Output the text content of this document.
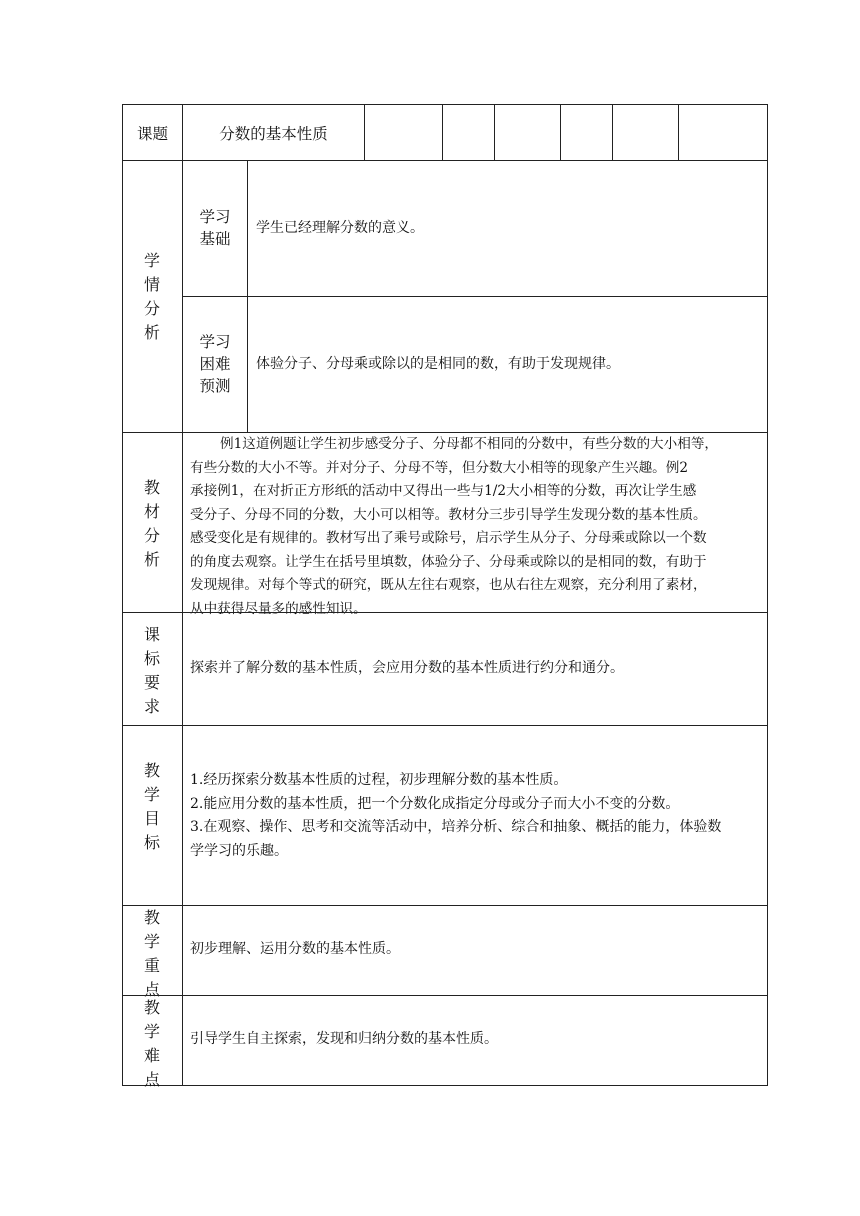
课题	分数的基本性质
学
情
分
析
学习
基础
学生已经理解分数的意义。
学习
困难
预测
体验分子、分母乘或除以的是相同的数，有助于发现规律。
教
材
分
析
例1这道例题让学生初步感受分子、分母都不相同的分数中，有些分数的大小相等，
有些分数的大小不等。并对分子、分母不等，但分数大小相等的现象产生兴趣。例2
承接例1，在对折正方形纸的活动中又得出一些与1/2大小相等的分数，再次让学生感
受分子、分母不同的分数，大小可以相等。教材分三步引导学生发现分数的基本性质。
感受变化是有规律的。教材写出了乘号或除号，启示学生从分子、分母乘或除以一个数
的角度去观察。让学生在括号里填数，体验分子、分母乘或除以的是相同的数，有助于
发现规律。对每个等式的研究，既从左往右观察，也从右往左观察，充分利用了素材，
从中获得尽量多的感性知识。
课
标
要
求
探索并了解分数的基本性质，会应用分数的基本性质进行约分和通分。
教
学
目
标
1.经历探索分数基本性质的过程，初步理解分数的基本性质。
2.能应用分数的基本性质，把一个分数化成指定分母或分子而大小不变的分数。
3.在观察、操作、思考和交流等活动中，培养分析、综合和抽象、概括的能力，体验数
学学习的乐趣。
教
学
重
点
初步理解、运用分数的基本性质。
教
学
难
点
引导学生自主探索，发现和归纳分数的基本性质。
